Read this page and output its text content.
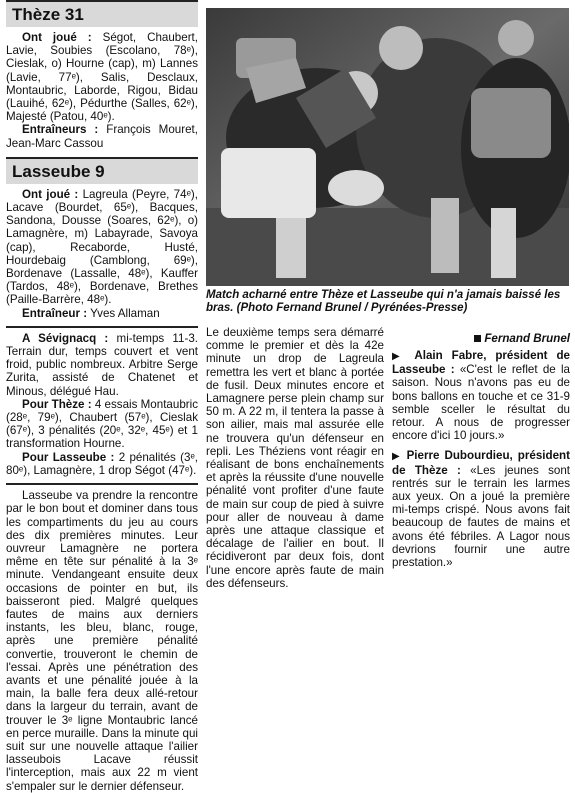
Thèze 31

Ont joué : Ségot, Chaubert, Lavie, Soubies (Escolano, 78ᵉ), Cieslak, o) Hourne (cap), m) Lannes (Lavie, 77ᵉ), Salis, Desclaux, Montaubric, Laborde, Rigou, Bidau (Lauihé, 62ᵉ), Pédurthe (Salles, 62ᵉ), Majesté (Patou, 40ᵉ).

Entraîneurs : François Mouret, Jean-Marc Cassou

Lasseube 9

Ont joué : Lagreula (Peyre, 74ᵉ), Lacave (Bourdet, 65ᵉ), Bacques, Sandona, Dousse (Soares, 62ᵉ), o) Lamagnère, m) Labayrade, Savoya (cap), Recaborde, Husté, Hourdebaig (Camblong, 69ᵉ), Bordenave (Lassalle, 48ᵉ), Kauffer (Tardos, 48ᵉ), Bordenave, Brethes (Paille-Barrère, 48ᵉ).

Entraîneur : Yves Allaman

A Sévignacq : mi-temps 11-3. Terrain dur, temps couvert et vent froid, public nombreux. Arbitre Serge Zurita, assisté de Chatenet et Minous, délégué Hau.

Pour Thèze : 4 essais Montaubric (28ᵉ, 79ᵉ), Chaubert (57ᵉ), Cieslak (67ᵉ), 3 pénalités (20ᵉ, 32ᵉ, 45ᵉ) et 1 transformation Hourne.

Pour Lasseube : 2 pénalités (3ᵉ, 80ᵉ), Lamagnère, 1 drop Ségot (47ᵉ).

Lasseube va prendre la rencontre par le bon bout et dominer dans tous les compartiments du jeu au cours des dix premières minutes. Leur ouvreur Lamagnère ne portera même en tête sur pénalité à la 3ᵉ minute. Vendangeant ensuite deux occasions de pointer en but, ils baisseront pied. Malgré quelques fautes de mains aux derniers instants, les bleu, blanc, rouge, après une première pénalité convertie, trouveront le chemin de l'essai. Après une pénétration des avants et une pénalité jouée à la main, la balle fera deux allé-retour dans la largeur du terrain, avant de trouver le 3ᵉ ligne Montaubric lancé en perce muraille. Dans la minute qui suit sur une nouvelle attaque l'ailier lasseubois Lacave réussit l'interception, mais aux 22 m vient s'empaler sur le dernier défenseur.

Match acharné entre Thèze et Lasseube qui n'a jamais baissé les bras. (Photo Fernand Brunel / Pyrénées-Presse)

Le deuxième temps sera démarré comme le premier et dès la 42e minute un drop de Lagreula remettra les vert et blanc à portée de fusil. Deux minutes encore et Lamagnere perse plein champ sur 50 m. A 22 m, il tentera la passe à son ailier, mais mal assurée elle ne trouvera qu'un défenseur en repli. Les Théziens vont réagir en réalisant de bons enchaînements et après la réussite d'une nouvelle pénalité vont profiter d'une faute de main sur coup de pied à suivre pour aller de nouveau à dame après une attaque classique et décalage de l'ailier en bout. Il récidiveront par deux fois, dont l'une encore après faute de main des défenseurs.

Fernand Brunel

▶ Alain Fabre, président de Lasseube : «C'est le reflet de la saison. Nous n'avons pas eu de bons ballons en touche et ce 31-9 semble sceller le résultat du retour. A nous de progresser encore d'ici 10 jours.»

▶ Pierre Dubourdieu, président de Thèze : «Les jeunes sont rentrés sur le terrain les larmes aux yeux. On a joué la première mi-temps crispé. Nous avons fait beaucoup de fautes de mains et avons été fébriles. A Lagor nous devrions fournir une autre prestation.»
